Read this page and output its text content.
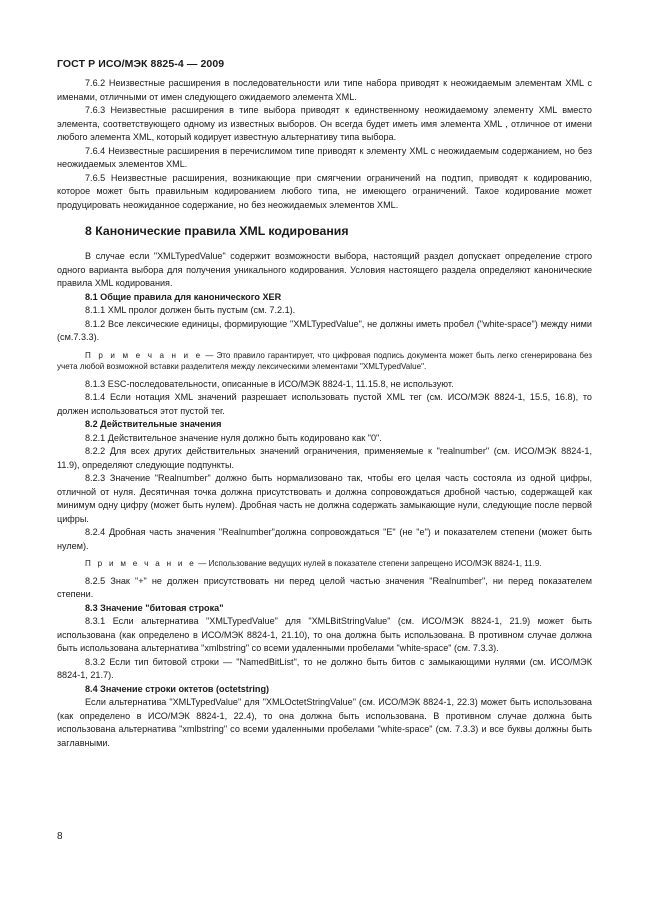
ГОСТ Р ИСО/МЭК 8825-4 — 2009

7.6.2 Неизвестные расширения в последовательности или типе набора приводят к неожидаемым элементам XML с именами, отличными от имен следующего ожидаемого элемента XML.

7.6.3 Неизвестные расширения в типе выбора приводят к единственному неожидаемому элементу XML вместо элемента, соответствующего одному из известных выборов. Он всегда будет иметь имя элемента XML , отличное от имени любого элемента XML, который кодирует известную альтернативу типа выбора.

7.6.4 Неизвестные расширения в перечислимом типе приводят к элементу XML с неожидаемым содержанием, но без неожидаемых элементов XML.

7.6.5 Неизвестные расширения, возникающие при смягчении ограничений на подтип, приводят к кодированию, которое может быть правильным кодированием любого типа, не имеющего ограничений. Такое кодирование может продуцировать неожиданное содержание, но без неожидаемых элементов XML.

8 Канонические правила XML кодирования

В случае если "XMLTypedValue" содержит возможности выбора, настоящий раздел допускает определение строго одного варианта выбора для получения уникального кодирования. Условия настоящего раздела определяют канонические правила XML кодирования.

8.1 Общие правила для канонического XER

8.1.1 XML пролог должен быть пустым (см. 7.2.1).

8.1.2 Все лексические единицы, формирующие "XMLTypedValue", не должны иметь пробел ("white-space") между ними (см.7.3.3).

П р и м е ч а н и е — Это правило гарантирует, что цифровая подпись документа может быть легко сгенерирована без учета любой возможной вставки разделителя между лексическими элементами "XMLTypedValue".

8.1.3 ESC-последовательности, описанные в ИСО/МЭК 8824-1, 11.15.8, не используют.

8.1.4 Если нотация XML значений разрешает использовать пустой XML тег (см. ИСО/МЭК 8824-1, 15.5, 16.8), то должен использоваться этот пустой тег.

8.2 Действительные значения

8.2.1 Действительное значение нуля должно быть кодировано как "0".

8.2.2 Для всех других действительных значений ограничения, применяемые к "realnumber" (см. ИСО/МЭК 8824-1, 11.9), определяют следующие подпункты.

8.2.3 Значение "Realnumber" должно быть нормализовано так, чтобы его целая часть состояла из одной цифры, отличной от нуля. Десятичная точка должна присутствовать и должна сопровождаться дробной частью, содержащей как минимум одну цифру (может быть нулем). Дробная часть не должна содержать замыкающие нули, следующие после первой цифры.

8.2.4 Дробная часть значения "Realnumber"должна сопровождаться "E" (не "e") и показателем степени (может быть нулем).

П р и м е ч а н и е — Использование ведущих нулей в показателе степени запрещено ИСО/МЭК 8824-1, 11.9.

8.2.5 Знак "+" не должен присутствовать ни перед целой частью значения "Realnumber", ни перед показателем степени.

8.3 Значение "битовая строка"

8.3.1 Если альтернатива "XMLTypedValue" для "XMLBitStringValue" (см. ИСО/МЭК 8824-1, 21.9) может быть использована (как определено в ИСО/МЭК 8824-1, 21.10), то она должна быть использована. В противном случае должна быть использована альтернатива "xmlbstring" со всеми удаленными пробелами "white-space" (см. 7.3.3).

8.3.2 Если тип битовой строки — "NamedBitList", то не должно быть битов с замыкающими нулями (см. ИСО/МЭК 8824-1, 21.7).

8.4 Значение строки октетов (octetstring)

Если альтернатива "XMLTypedValue" для "XMLOctetStringValue" (см. ИСО/МЭК 8824-1, 22.3) может быть использована (как определено в ИСО/МЭК 8824-1, 22.4), то она должна быть использована. В противном случае должна быть использована альтернатива "xmlbstring" со всеми удаленными пробелами "white-space" (см. 7.3.3) и все буквы должны быть заглавными.

8
